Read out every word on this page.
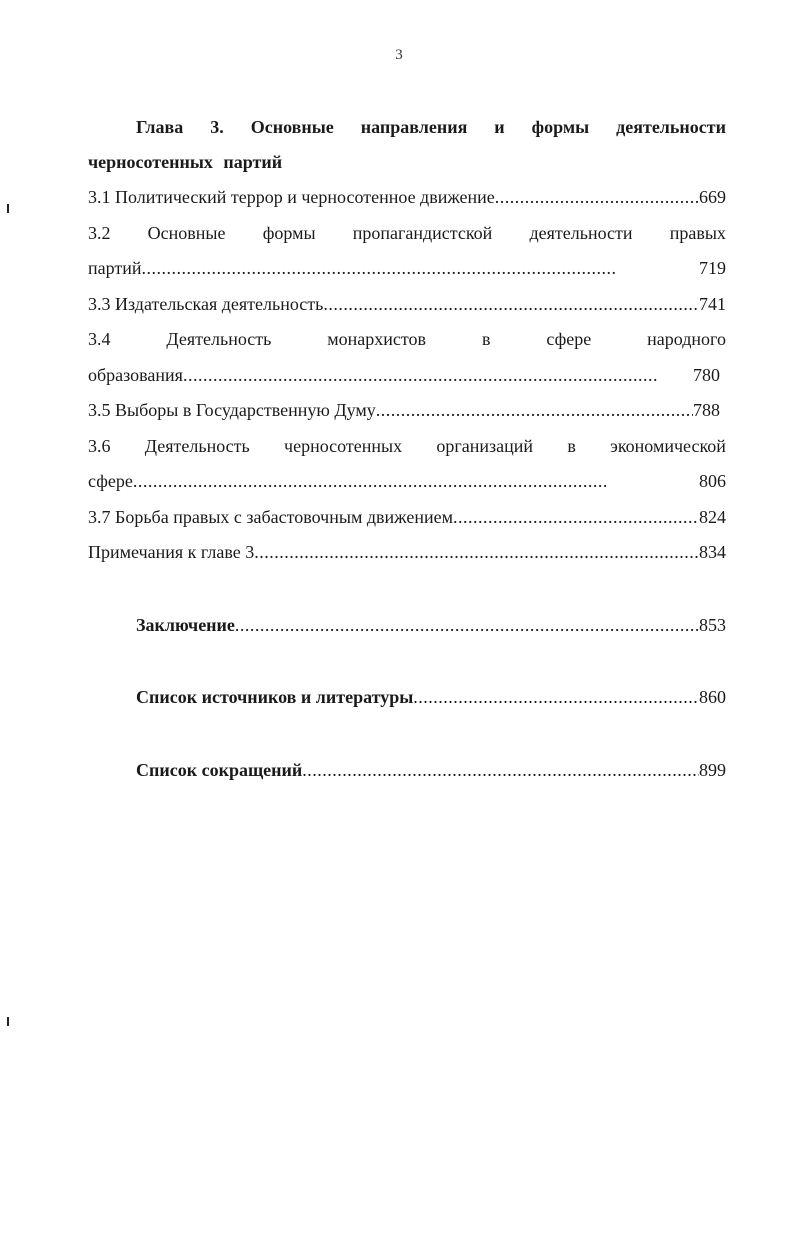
3

Глава 3. Основные направления и формы деятельности черносотенных партий

3.1 Политический террор и черносотенное движение . . .	669
3.2 Основные формы пропагандистской деятельности правых
партий . . .	719
3.3 Издательская деятельность . . .	741
3.4	Деятельность	монархистов	в	сфере	народного
образования . . .	780
3.5 Выборы в Государственную Думу . . .	788
3.6 Деятельность черносотенных организаций в экономической
сфере . . .	806
3.7 Борьба правых с забастовочным движением . . .	824
Примечания к главе 3 . . .	834
Заключение . . .	853
Список источников и литературы . . .	860
Список сокращений . . .	899
